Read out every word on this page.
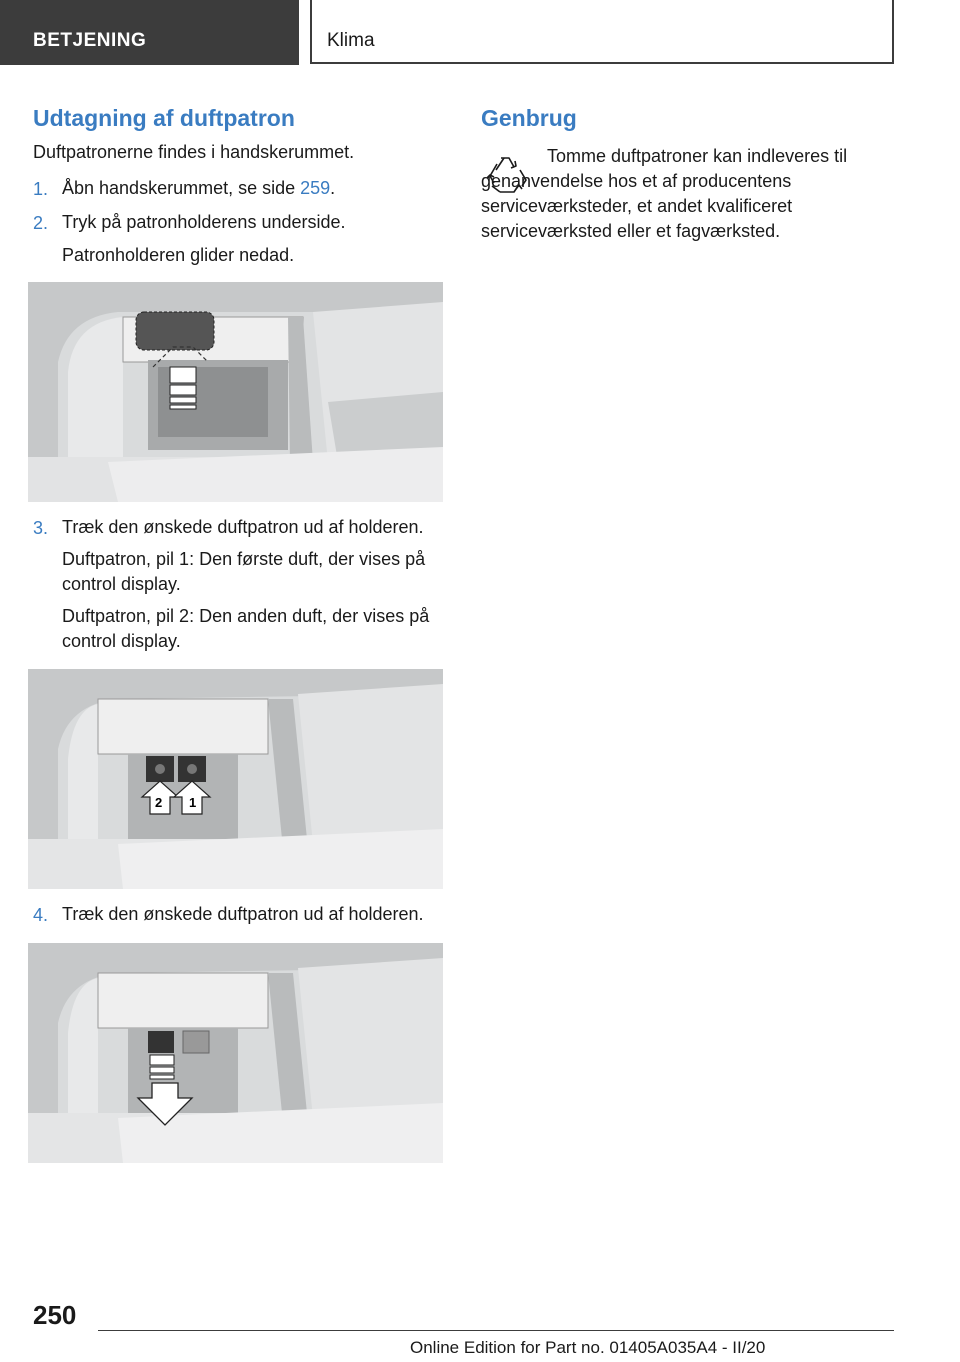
BETJENING	Klima
Udtagning af duftpatron
Duftpatronerne findes i handskerummet.
1. Åbn handskerummet, se side 259.
2. Tryk på patronholderens underside.
Patronholderen glider nedad.
3. Træk den ønskede duftpatron ud af holderen.
Duftpatron, pil 1: Den første duft, der vises på control display.
Duftpatron, pil 2: Den anden duft, der vises på control display.
2 1
4. Træk den ønskede duftpatron ud af holderen.
Genbrug
Tomme duftpatroner kan indleveres til genanvendelse hos et af producentens serviceværksteder, et andet kvalificeret serviceværksted eller et fagværksted.
250
Online Edition for Part no. 01405A035A4 - II/20
